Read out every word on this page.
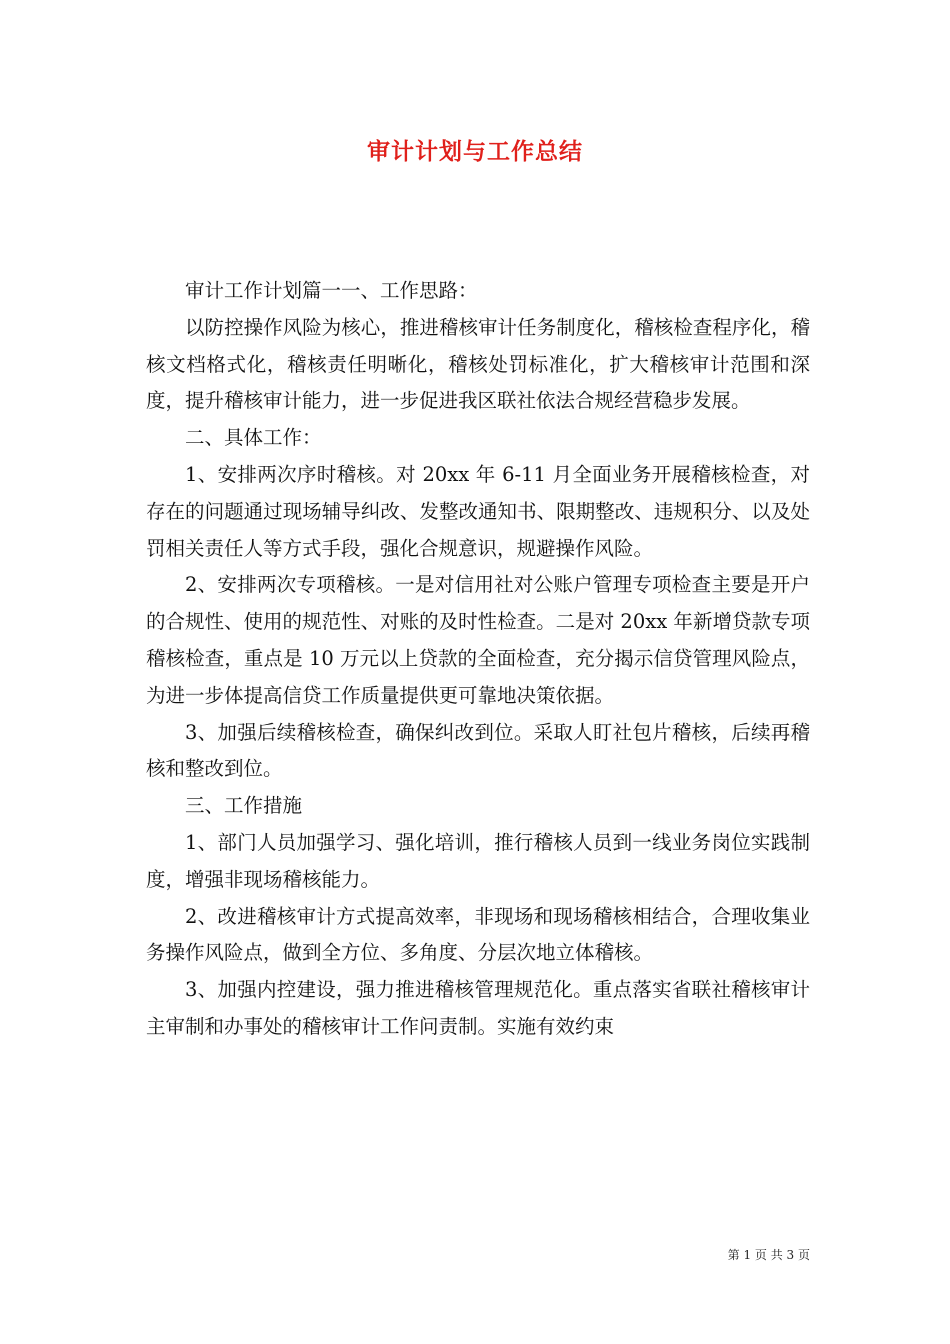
审计计划与工作总结

审计工作计划篇一一、工作思路：

以防控操作风险为核心，推进稽核审计任务制度化，稽核检查程序化，稽核文档格式化，稽核责任明晰化，稽核处罚标准化，扩大稽核审计范围和深度，提升稽核审计能力，进一步促进我区联社依法合规经营稳步发展。

二、具体工作：

1、安排两次序时稽核。对 20xx 年 6-11 月全面业务开展稽核检查，对存在的问题通过现场辅导纠改、发整改通知书、限期整改、违规积分、以及处罚相关责任人等方式手段，强化合规意识，规避操作风险。

2、安排两次专项稽核。一是对信用社对公账户管理专项检查主要是开户的合规性、使用的规范性、对账的及时性检查。二是对 20xx 年新增贷款专项稽核检查，重点是 10 万元以上贷款的全面检查，充分揭示信贷管理风险点，为进一步体提高信贷工作质量提供更可靠地决策依据。

3、加强后续稽核检查，确保纠改到位。采取人盯社包片稽核，后续再稽核和整改到位。

三、工作措施

1、部门人员加强学习、强化培训，推行稽核人员到一线业务岗位实践制度，增强非现场稽核能力。

2、改进稽核审计方式提高效率，非现场和现场稽核相结合，合理收集业务操作风险点，做到全方位、多角度、分层次地立体稽核。

3、加强内控建设，强力推进稽核管理规范化。重点落实省联社稽核审计主审制和办事处的稽核审计工作问责制。实施有效约束

第 1 页 共 3 页
